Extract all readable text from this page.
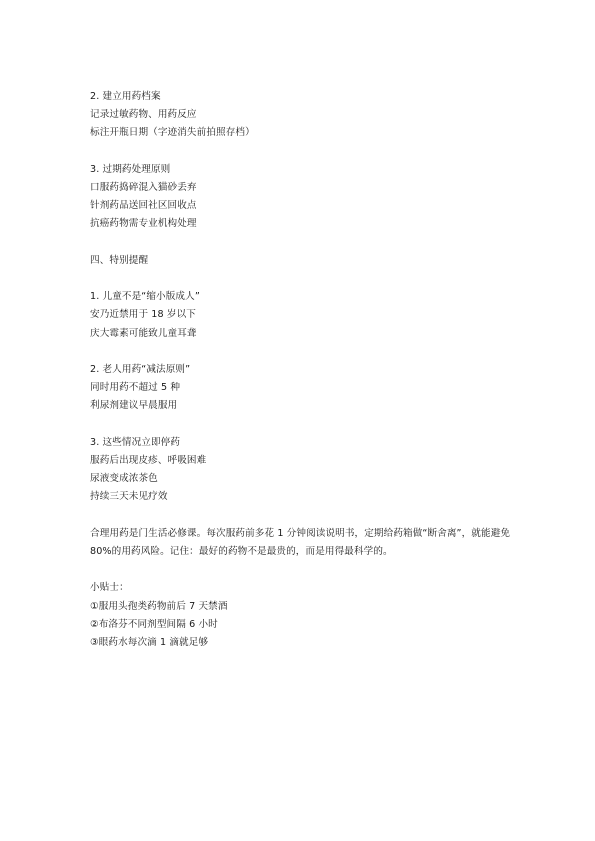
2. 建立用药档案
记录过敏药物、用药反应
标注开瓶日期（字迹消失前拍照存档）
3. 过期药处理原则
口服药捣碎混入猫砂丢弃
针剂药品送回社区回收点
抗癌药物需专业机构处理
四、特别提醒
1. 儿童不是“缩小版成人”
安乃近禁用于 18 岁以下
庆大霉素可能致儿童耳聋
2. 老人用药“减法原则”
同时用药不超过 5 种
利尿剂建议早晨服用
3. 这些情况立即停药
服药后出现皮疹、呼吸困难
尿液变成浓茶色
持续三天未见疗效
合理用药是门生活必修课。每次服药前多花 1 分钟阅读说明书，定期给药箱做“断舍离”，就能避免 80%的用药风险。记住：最好的药物不是最贵的，而是用得最科学的。
小贴士：
①服用头孢类药物前后 7 天禁酒
②布洛芬不同剂型间隔 6 小时
③眼药水每次滴 1 滴就足够
